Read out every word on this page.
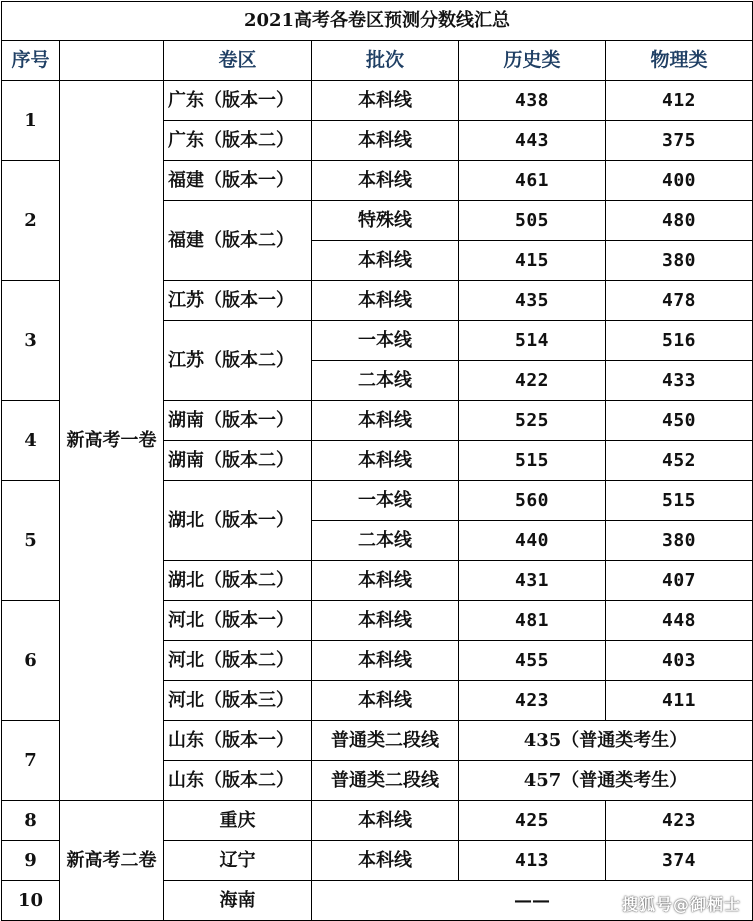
2021高考各卷区预测分数线汇总					
序号		卷区	批次	历史类	物理类
1	新高考一卷	广东（版本一）	本科线	438	412
		广东（版本二）	本科线	443	375
2		福建（版本一）	本科线	461	400
		福建（版本二）	特殊线	505	480
			本科线	415	380
3		江苏（版本一）	本科线	435	478
		江苏（版本二）	一本线	514	516
			二本线	422	433
4		湖南（版本一）	本科线	525	450
		湖南（版本二）	本科线	515	452
5		湖北（版本一）	一本线	560	515
			二本线	440	380
		湖北（版本二）	本科线	431	407
6		河北（版本一）	本科线	481	448
		河北（版本二）	本科线	455	403
		河北（版本三）	本科线	423	411
7		山东（版本一）	普通类二段线	435（普通类考生）	
		山东（版本二）	普通类二段线	457（普通类考生）	
8	新高考二卷	重庆	本科线	425	423
9		辽宁	本科线	413	374
10		海南	——			搜狐号@御栖士
